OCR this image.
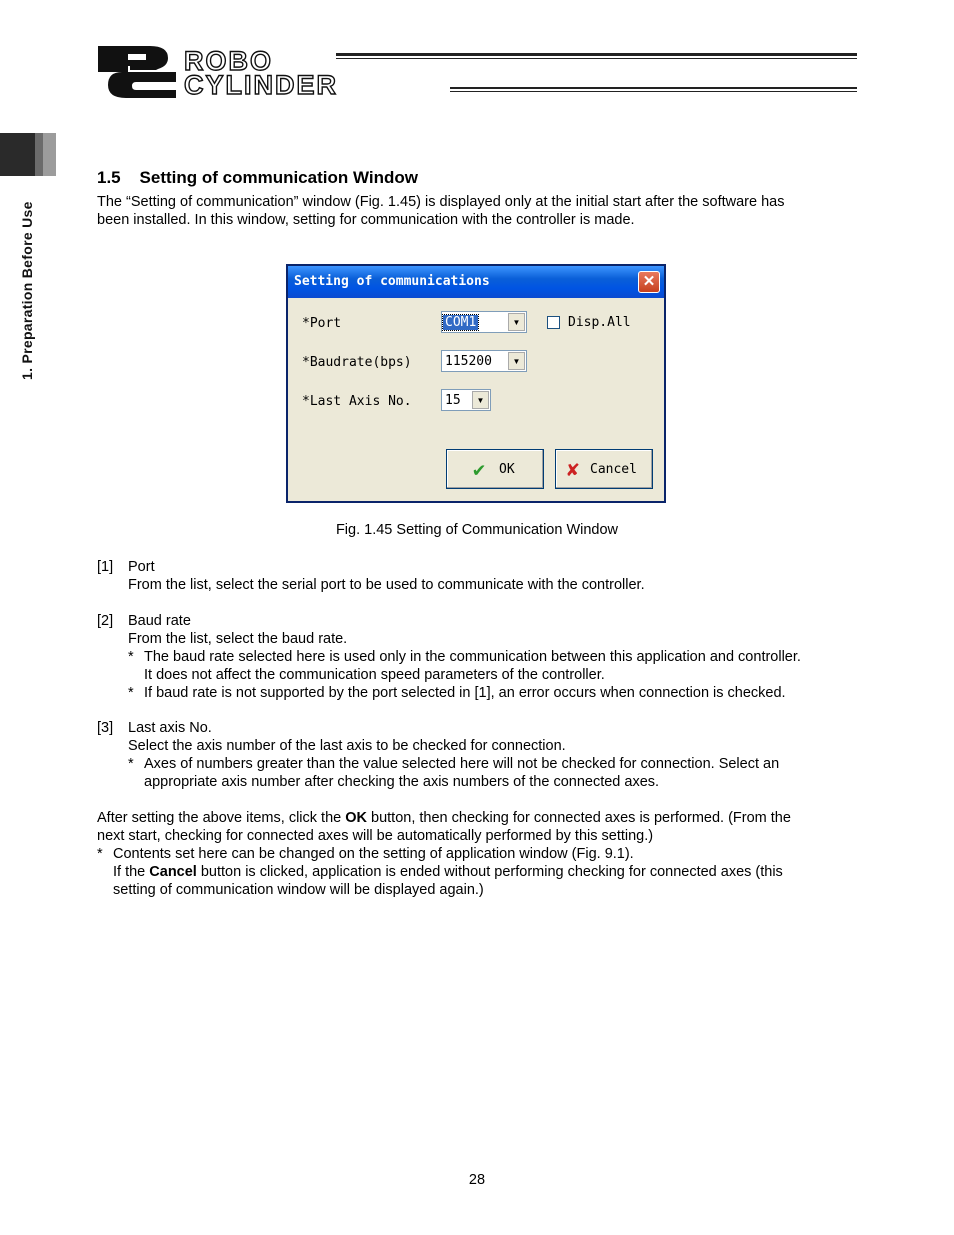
ROBO
CYLINDER
1. Preparation Before Use
1.5    Setting of communication Window
The “Setting of communication” window (Fig. 1.45) is displayed only at the initial start after the software has
been installed. In this window, setting for communication with the controller is made.
Setting of communications	✕
*Port	COM1	▼	Disp.All
*Baudrate(bps)	115200	▼
*Last Axis No.	15	▼
✔ OK	✘ Cancel
Fig. 1.45 Setting of Communication Window
[1] Port
From the list, select the serial port to be used to communicate with the controller.
[2] Baud rate
From the list, select the baud rate.
* The baud rate selected here is used only in the communication between this application and controller.
It does not affect the communication speed parameters of the controller.
* If baud rate is not supported by the port selected in [1], an error occurs when connection is checked.
[3] Last axis No.
Select the axis number of the last axis to be checked for connection.
* Axes of numbers greater than the value selected here will not be checked for connection. Select an
appropriate axis number after checking the axis numbers of the connected axes.
After setting the above items, click the OK button, then checking for connected axes is performed. (From the
next start, checking for connected axes will be automatically performed by this setting.)
* Contents set here can be changed on the setting of application window (Fig. 9.1).
If the Cancel button is clicked, application is ended without performing checking for connected axes (this
setting of communication window will be displayed again.)
28
